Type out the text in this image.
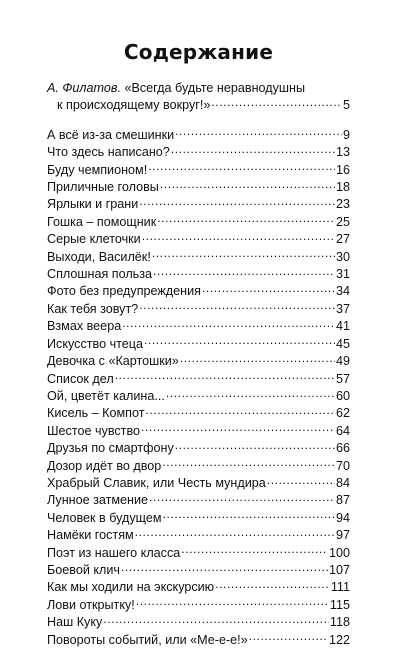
Содержание
А. Филатов. «Всегда будьте неравнодушны
к происходящему вокруг!» .....	5
А всё из-за смешинки .....	9
Что здесь написано? .....	13
Буду чемпионом! .....	16
Приличные головы .....	18
Ярлыки и грани .....	23
Гошка – помощник .....	25
Серые клеточки .....	27
Выходи, Василёк! .....	30
Сплошная польза .....	31
Фото без предупреждения .....	34
Как тебя зовут? .....	37
Взмах веера .....	41
Искусство чтеца .....	45
Девочка с «Картошки» .....	49
Список дел .....	57
Ой, цветёт калина... .....	60
Кисель – Компот .....	62
Шестое чувство .....	64
Друзья по смартфону .....	66
Дозор идёт во двор .....	70
Храбрый Славик, или Честь мундира .....	84
Лунное затмение .....	87
Человек в будущем .....	94
Намёки гостям .....	97
Поэт из нашего класса .....	100
Боевой клич .....	107
Как мы ходили на экскурсию .....	111
Лови открытку! .....	115
Наш Куку .....	118
Повороты событий, или «Ме-е-е!» .....	122
